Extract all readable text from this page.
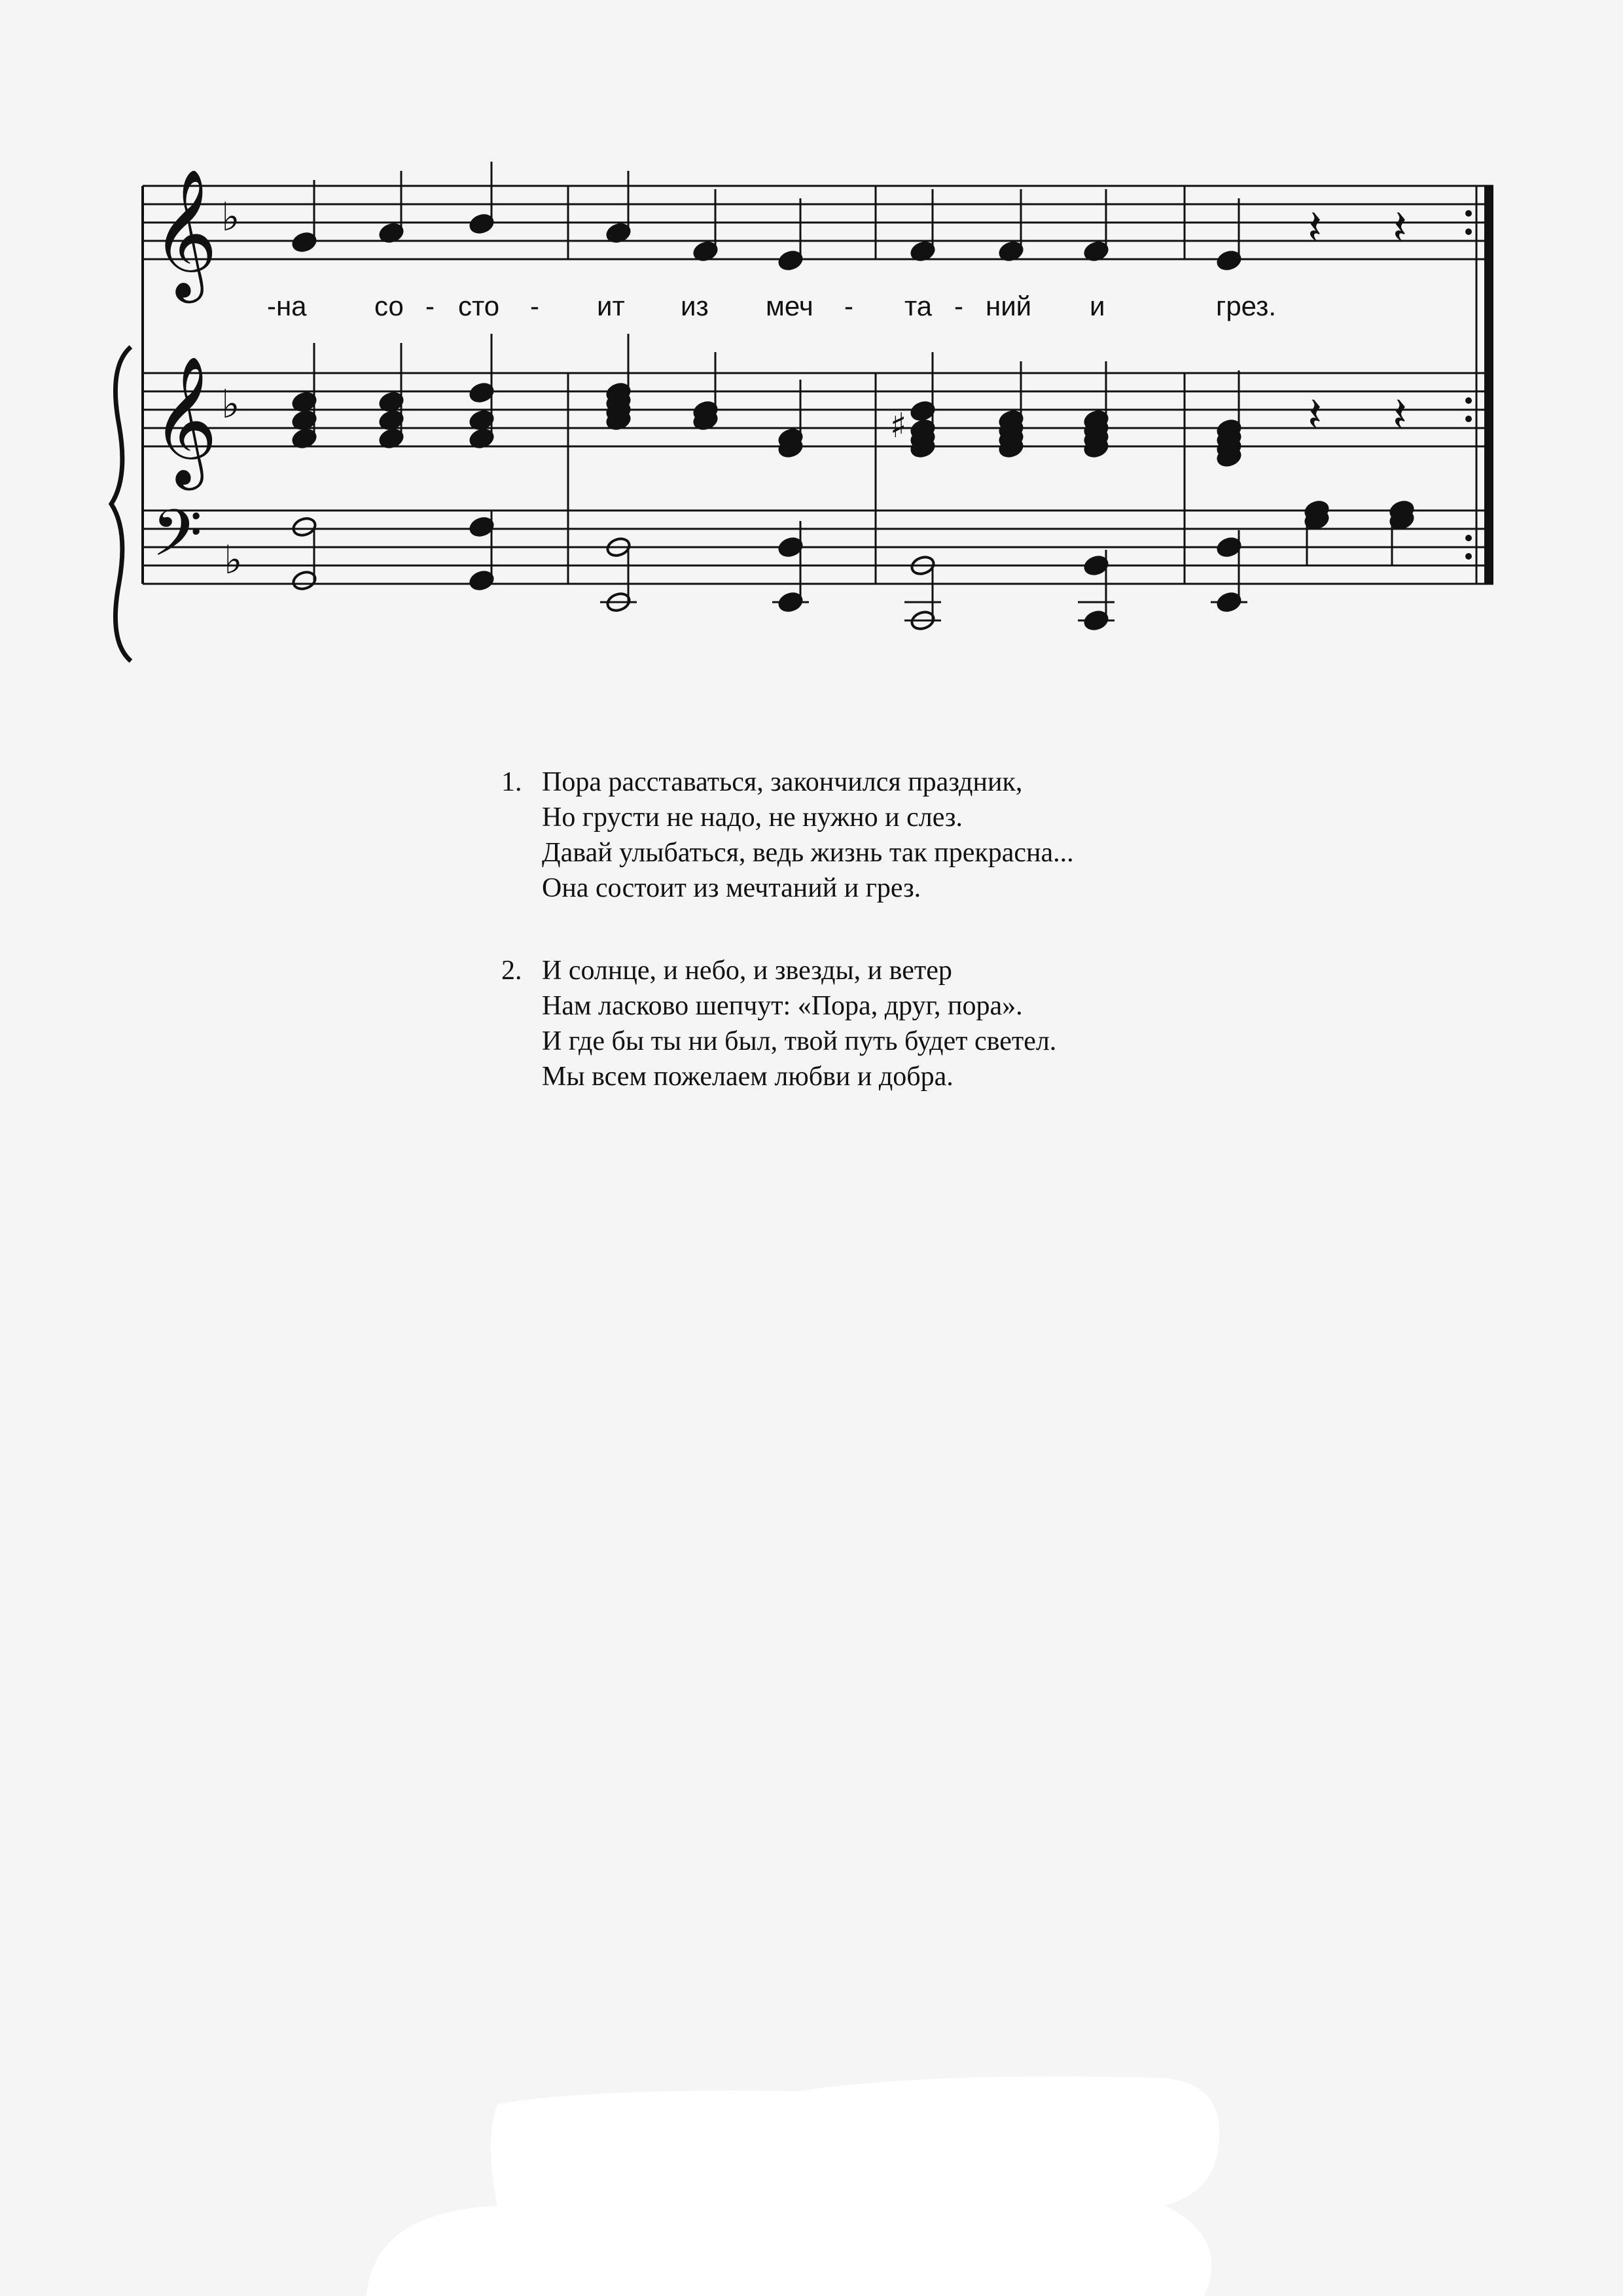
𝄞 ♭
𝄞 ♭
𝄢 ♭
𝄽 𝄽
♯	𝄽 𝄽
-на со - сто - ит из меч - та - ний и	грез.
1. Пора расставаться, закончился праздник,
Но грусти не надо, не нужно и слез.
Давай улыбаться, ведь жизнь так прекрасна...
Она состоит из мечтаний и грез.
2. И солнце, и небо, и звезды, и ветер
Нам ласково шепчут: «Пора, друг, пора».
И где бы ты ни был, твой путь будет светел.
Мы всем пожелаем любви и добра.
